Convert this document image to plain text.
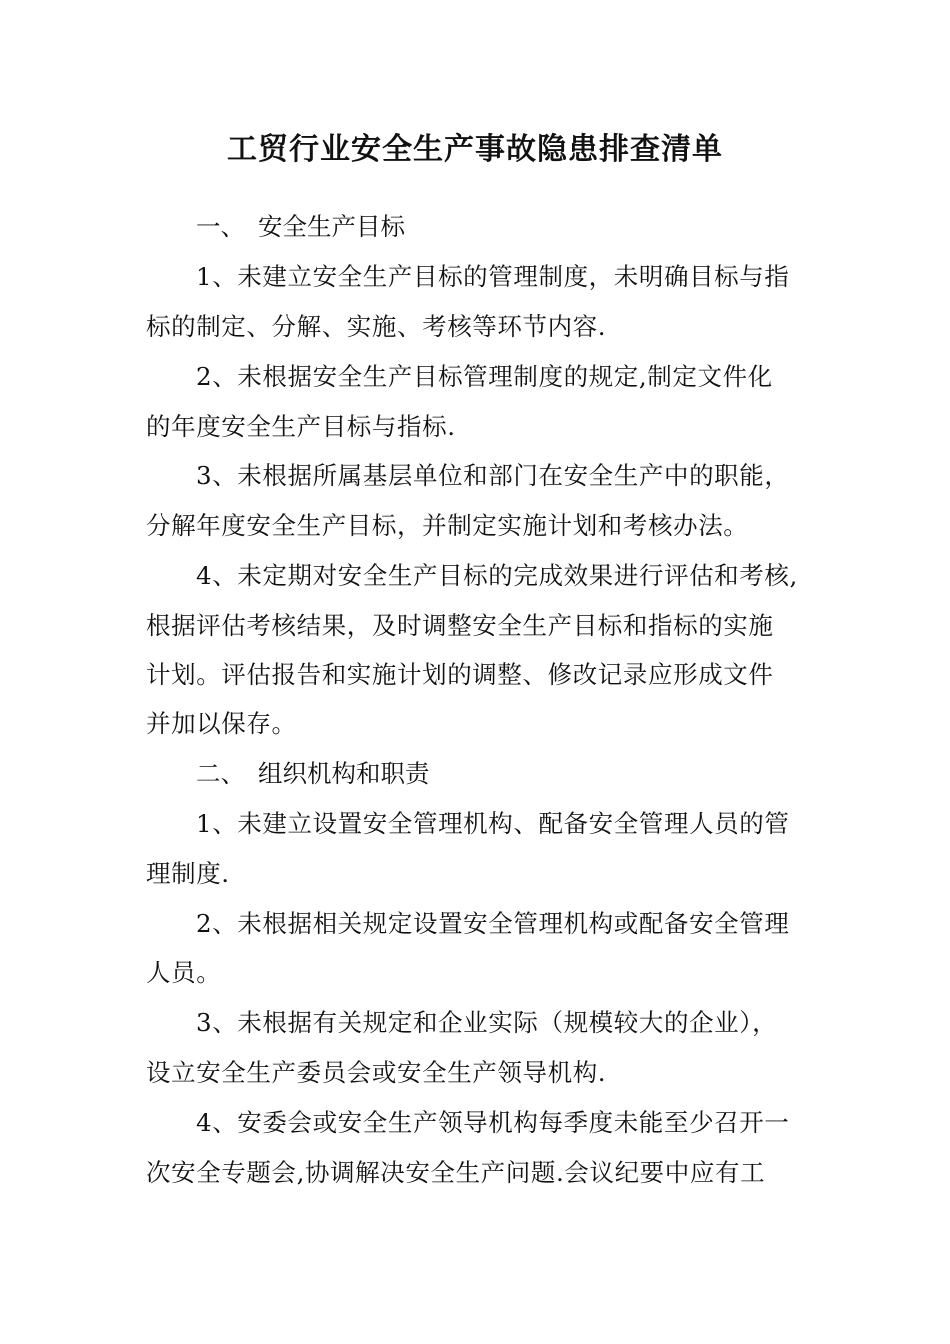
工贸行业安全生产事故隐患排查清单
一、 安全生产目标
1、未建立安全生产目标的管理制度，未明确目标与指
标的制定、分解、实施、考核等环节内容.
2、未根据安全生产目标管理制度的规定,制定文件化
的年度安全生产目标与指标.
3、未根据所属基层单位和部门在安全生产中的职能，
分解年度安全生产目标，并制定实施计划和考核办法。
4、未定期对安全生产目标的完成效果进行评估和考核,
根据评估考核结果，及时调整安全生产目标和指标的实施
计划。评估报告和实施计划的调整、修改记录应形成文件
并加以保存。
二、 组织机构和职责
1、未建立设置安全管理机构、配备安全管理人员的管
理制度.
2、未根据相关规定设置安全管理机构或配备安全管理
人员。
3、未根据有关规定和企业实际（规模较大的企业），
设立安全生产委员会或安全生产领导机构.
4、安委会或安全生产领导机构每季度未能至少召开一
次安全专题会,协调解决安全生产问题.会议纪要中应有工
